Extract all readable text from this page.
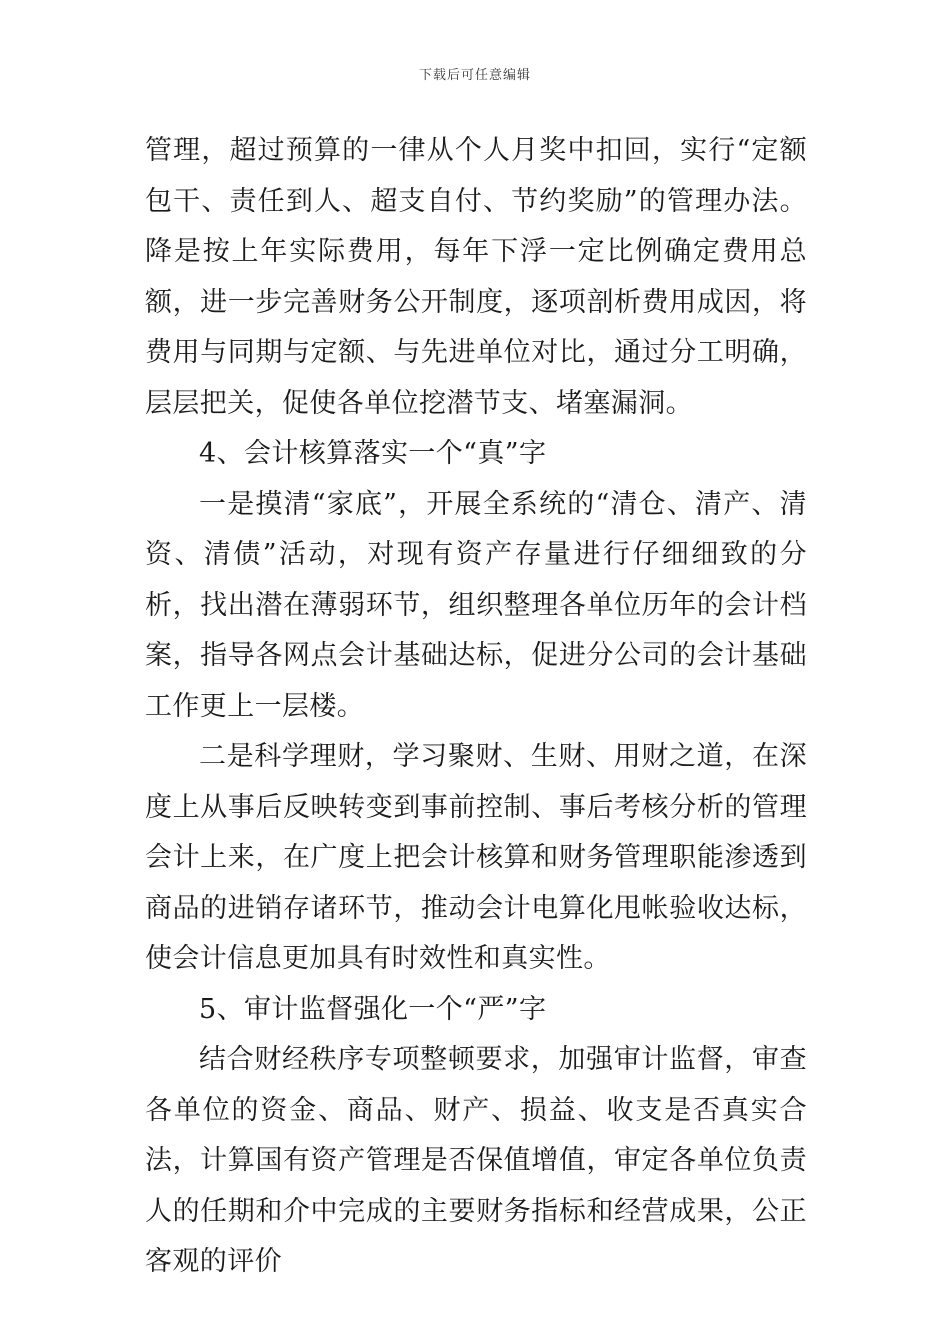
下载后可任意编辑

管理，超过预算的一律从个人月奖中扣回，实行“定额包干、责任到人、超支自付、节约奖励”的管理办法。降是按上年实际费用，每年下浮一定比例确定费用总额，进一步完善财务公开制度，逐项剖析费用成因，将费用与同期与定额、与先进单位对比，通过分工明确，层层把关，促使各单位挖潜节支、堵塞漏洞。

4、会计核算落实一个“真”字

一是摸清“家底”，开展全系统的“清仓、清产、清资、清债”活动，对现有资产存量进行仔细细致的分析，找出潜在薄弱环节，组织整理各单位历年的会计档案，指导各网点会计基础达标，促进分公司的会计基础工作更上一层楼。

二是科学理财，学习聚财、生财、用财之道，在深度上从事后反映转变到事前控制、事后考核分析的管理会计上来，在广度上把会计核算和财务管理职能渗透到商品的进销存诸环节，推动会计电算化甩帐验收达标，使会计信息更加具有时效性和真实性。

5、审计监督强化一个“严”字

结合财经秩序专项整顿要求，加强审计监督，审查各单位的资金、商品、财产、损益、收支是否真实合法，计算国有资产管理是否保值增值，审定各单位负责人的任期和介中完成的主要财务指标和经营成果，公正客观的评价
